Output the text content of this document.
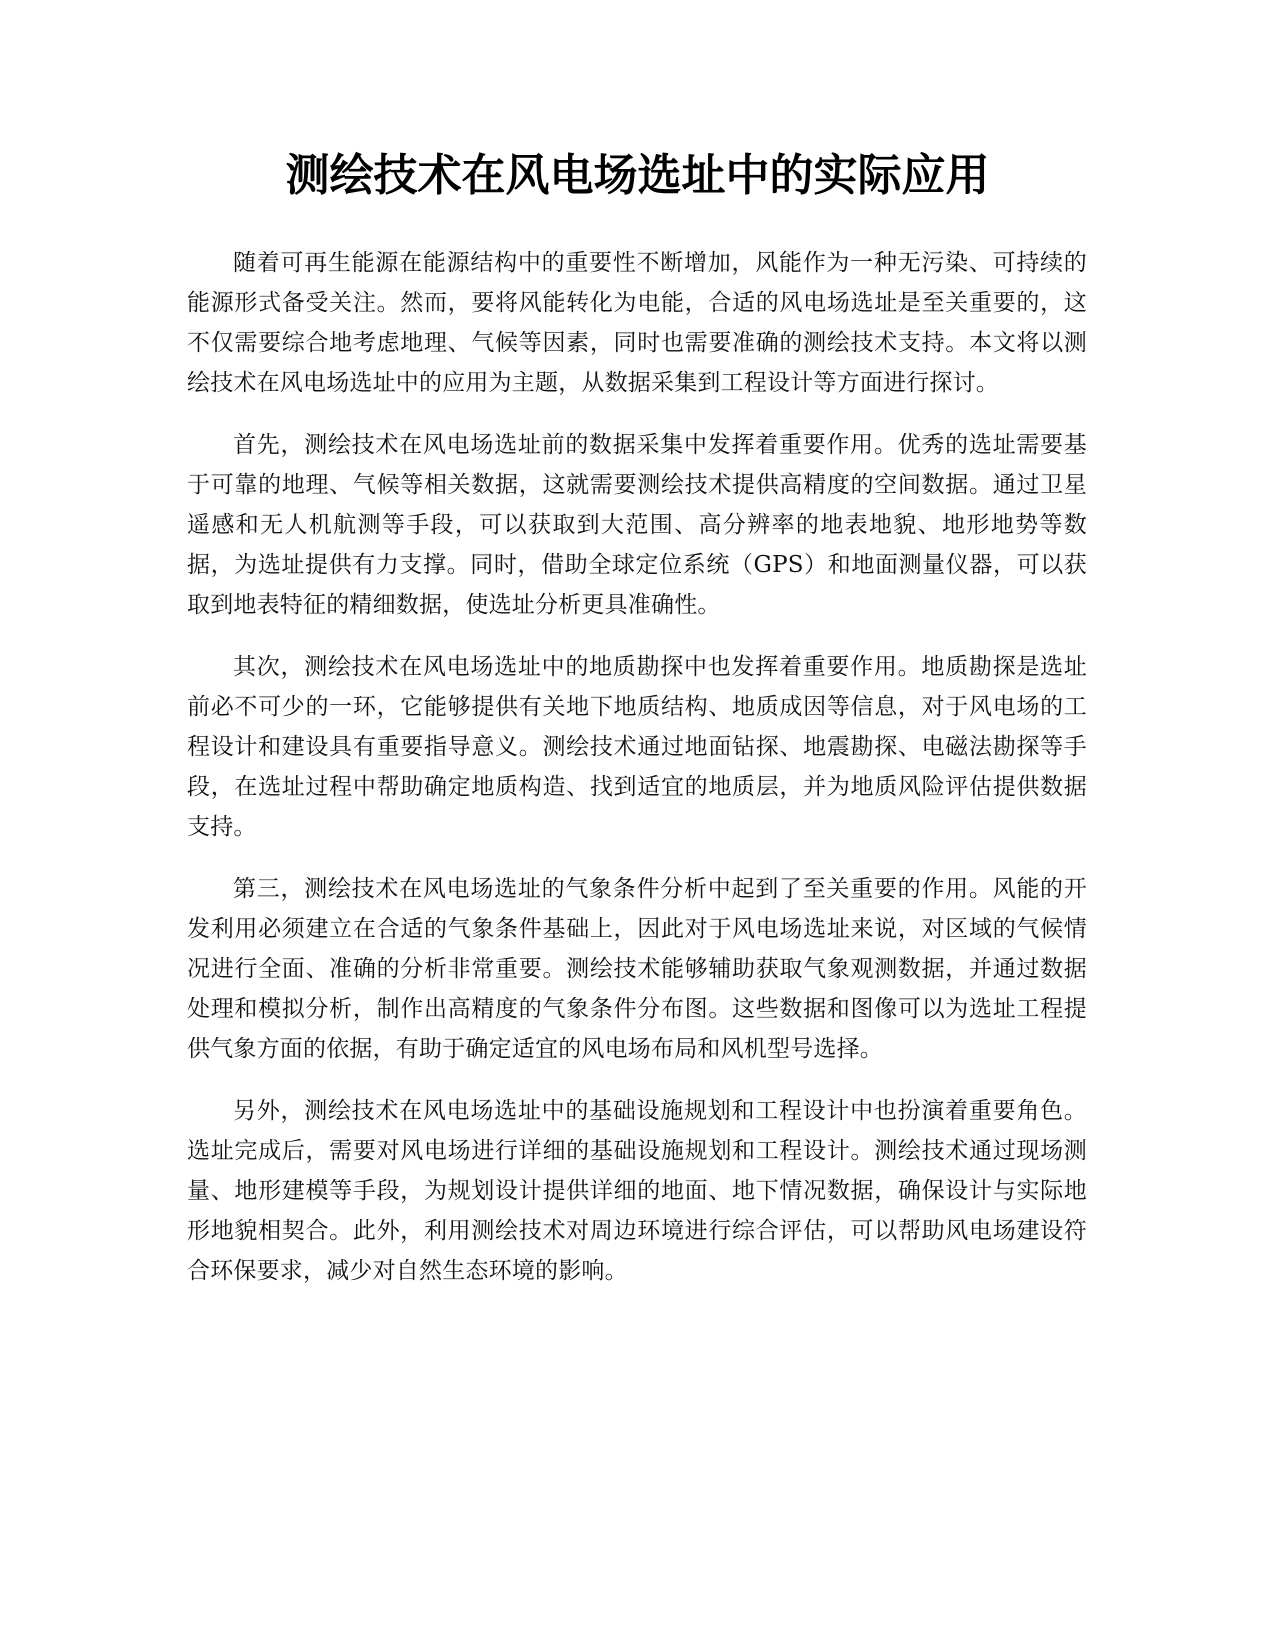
测绘技术在风电场选址中的实际应用

随着可再生能源在能源结构中的重要性不断增加，风能作为一种无污染、可持续的能源形式备受关注。然而，要将风能转化为电能，合适的风电场选址是至关重要的，这不仅需要综合地考虑地理、气候等因素，同时也需要准确的测绘技术支持。本文将以测绘技术在风电场选址中的应用为主题，从数据采集到工程设计等方面进行探讨。

首先，测绘技术在风电场选址前的数据采集中发挥着重要作用。优秀的选址需要基于可靠的地理、气候等相关数据，这就需要测绘技术提供高精度的空间数据。通过卫星遥感和无人机航测等手段，可以获取到大范围、高分辨率的地表地貌、地形地势等数据，为选址提供有力支撑。同时，借助全球定位系统（GPS）和地面测量仪器，可以获取到地表特征的精细数据，使选址分析更具准确性。

其次，测绘技术在风电场选址中的地质勘探中也发挥着重要作用。地质勘探是选址前必不可少的一环，它能够提供有关地下地质结构、地质成因等信息，对于风电场的工程设计和建设具有重要指导意义。测绘技术通过地面钻探、地震勘探、电磁法勘探等手段，在选址过程中帮助确定地质构造、找到适宜的地质层，并为地质风险评估提供数据支持。

第三，测绘技术在风电场选址的气象条件分析中起到了至关重要的作用。风能的开发利用必须建立在合适的气象条件基础上，因此对于风电场选址来说，对区域的气候情况进行全面、准确的分析非常重要。测绘技术能够辅助获取气象观测数据，并通过数据处理和模拟分析，制作出高精度的气象条件分布图。这些数据和图像可以为选址工程提供气象方面的依据，有助于确定适宜的风电场布局和风机型号选择。

另外，测绘技术在风电场选址中的基础设施规划和工程设计中也扮演着重要角色。选址完成后，需要对风电场进行详细的基础设施规划和工程设计。测绘技术通过现场测量、地形建模等手段，为规划设计提供详细的地面、地下情况数据，确保设计与实际地形地貌相契合。此外，利用测绘技术对周边环境进行综合评估，可以帮助风电场建设符合环保要求，减少对自然生态环境的影响。
